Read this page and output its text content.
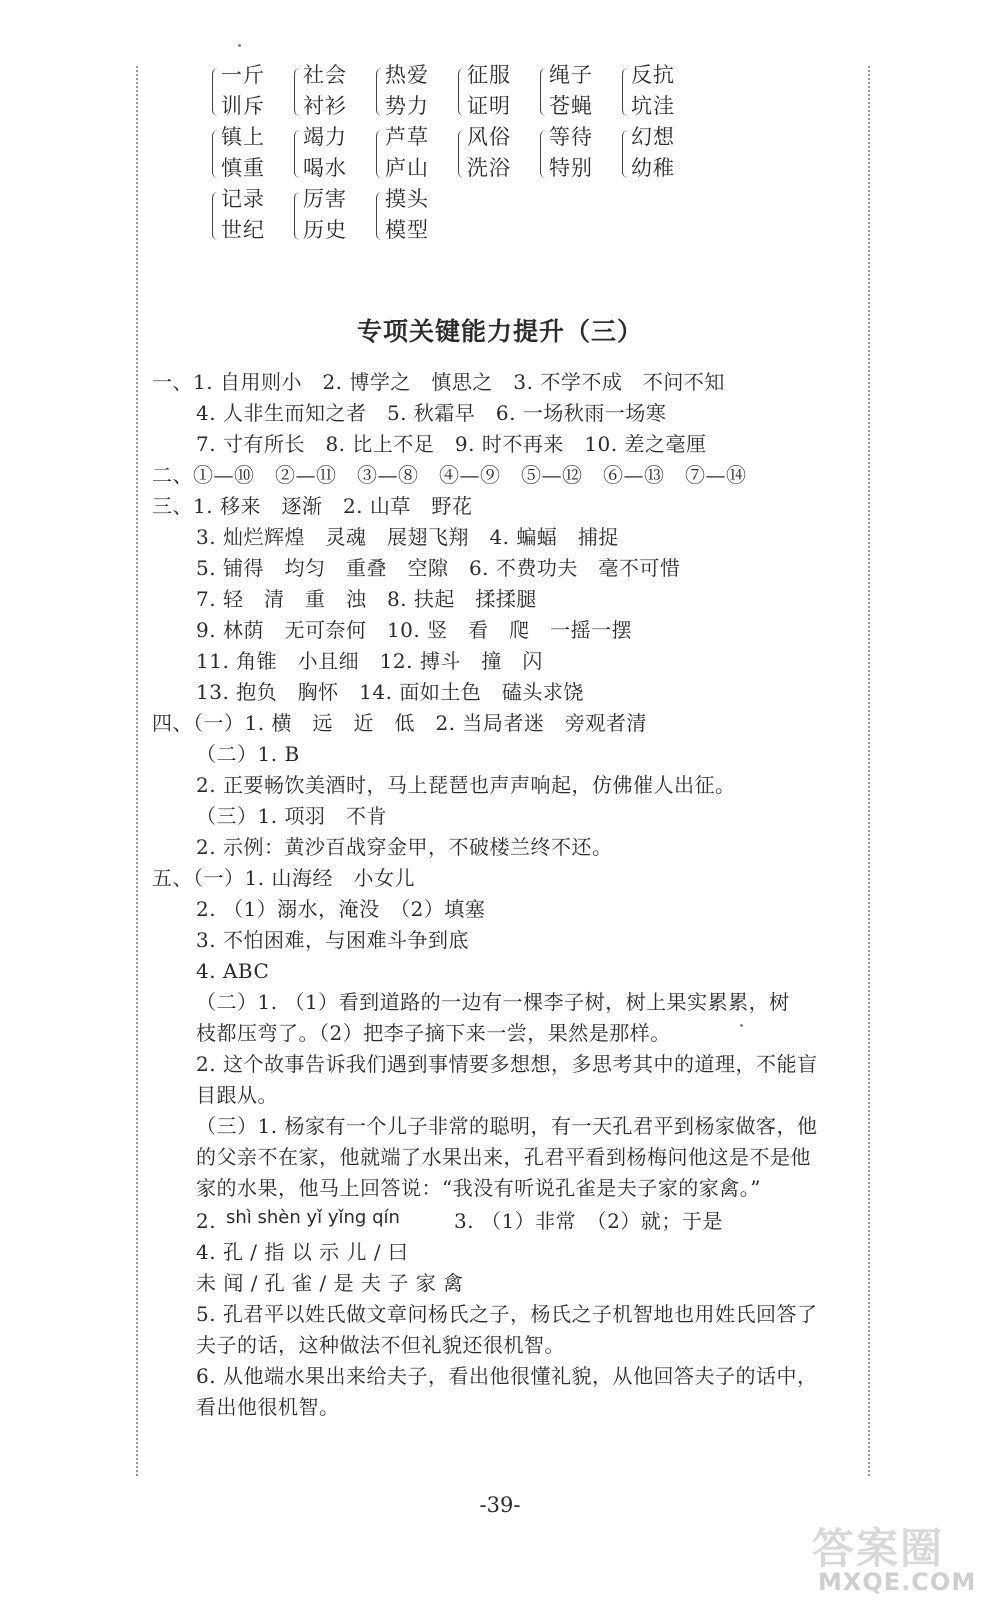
一斤
训斥
社会
衬衫
热爱
势力
征服
证明
绳子
苍蝇
反抗
坑洼
镇上
慎重
竭力
喝水
芦草
庐山
风俗
洗浴
等待
特别
幻想
幼稚
记录
世纪
厉害
历史
摸头
模型
专项关键能力提升（三）
一、1. 自用则小　2. 博学之　慎思之　3. 不学不成　不问不知
4. 人非生而知之者　5. 秋霜早　6. 一场秋雨一场寒
7. 寸有所长　8. 比上不足　9. 时不再来　10. 差之毫厘
二、①—⑩　②—⑪　③—⑧　④—⑨　⑤—⑫　⑥—⑬　⑦—⑭
三、1. 移来　逐渐　2. 山草　野花
3. 灿烂辉煌　灵魂　展翅飞翔　4. 蝙蝠　捕捉
5. 铺得　均匀　重叠　空隙　6. 不费功夫　毫不可惜
7. 轻　清　重　浊　8. 扶起　揉揉腿
9. 林荫　无可奈何　10. 竖　看　爬　一摇一摆
11. 角锥　小且细　12. 搏斗　撞　闪
13. 抱负　胸怀　14. 面如土色　磕头求饶
四、（一）1. 横　远　近　低　2. 当局者迷　旁观者清
（二）1. B
2. 正要畅饮美酒时，马上琵琶也声声响起，仿佛催人出征。
（三）1. 项羽　不肯
2. 示例：黄沙百战穿金甲，不破楼兰终不还。
五、（一）1. 山海经　小女儿
2. （1）溺水，淹没　（2）填塞
3. 不怕困难，与困难斗争到底
4. ABC
（二）1. （1）看到道路的一边有一棵李子树，树上果实累累，树
枝都压弯了。（2）把李子摘下来一尝，果然是那样。
2. 这个故事告诉我们遇到事情要多想想，多思考其中的道理，不能盲
目跟从。
（三）1. 杨家有一个儿子非常的聪明，有一天孔君平到杨家做客，他
的父亲不在家，他就端了水果出来，孔君平看到杨梅问他这是不是他
家的水果，他马上回答说：“我没有听说孔雀是夫子家的家禽。”
2. shì shèn yǐ yǐng qín	3. （1）非常　（2）就；于是
4. 孔 / 指 以 示 儿 / 曰
未 闻 / 孔 雀 / 是 夫 子 家 禽
5. 孔君平以姓氏做文章问杨氏之子，杨氏之子机智地也用姓氏回答了
夫子的话，这种做法不但礼貌还很机智。
6. 从他端水果出来给夫子，看出他很懂礼貌，从他回答夫子的话中，
看出他很机智。
-39-
答案圈
MXQE.COM
